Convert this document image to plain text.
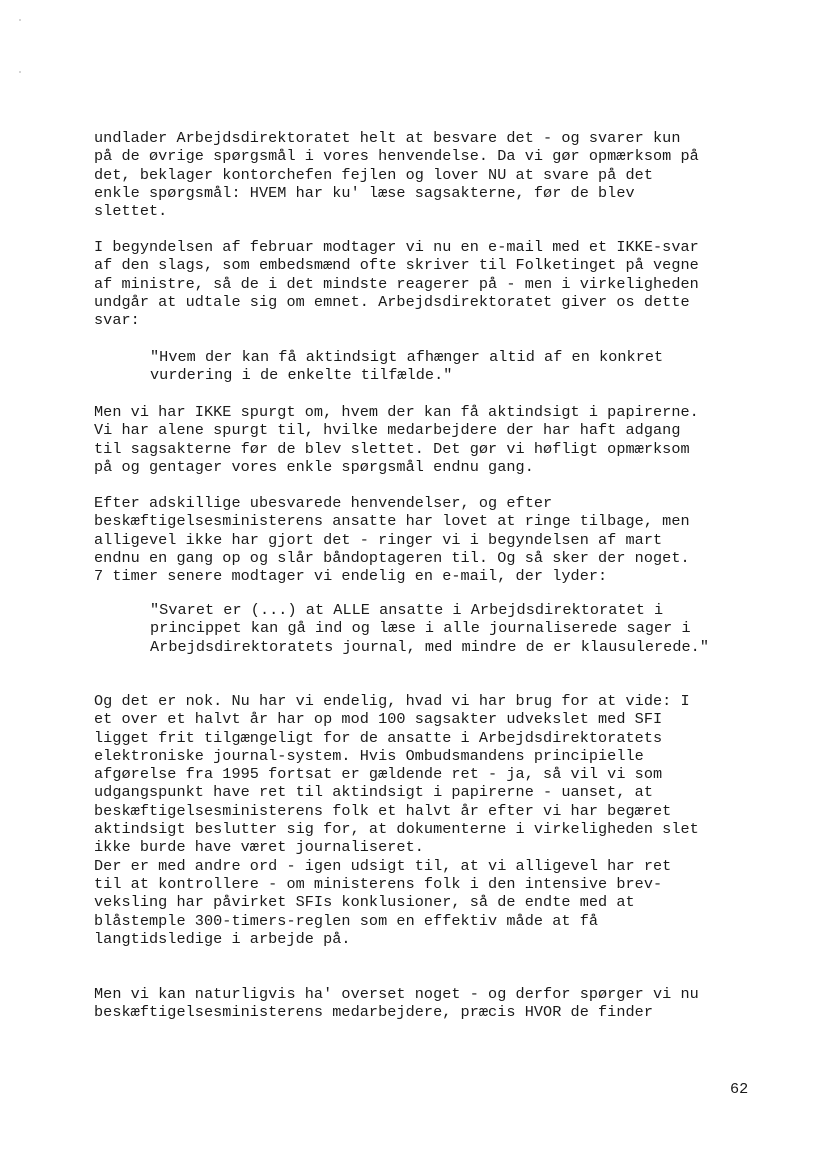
undlader Arbejdsdirektoratet helt at besvare det - og svarer kun
på de øvrige spørgsmål i vores henvendelse. Da vi gør opmærksom på
det, beklager kontorchefen fejlen og lover NU at svare på det
enkle spørgsmål: HVEM har ku' læse sagsakterne, før de blev
slettet.
I begyndelsen af februar modtager vi nu en e-mail med et IKKE-svar
af den slags, som embedsmænd ofte skriver til Folketinget på vegne
af ministre, så de i det mindste reagerer på - men i virkeligheden
undgår at udtale sig om emnet. Arbejdsdirektoratet giver os dette
svar:
"Hvem der kan få aktindsigt afhænger altid af en konkret
vurdering i de enkelte tilfælde."
Men vi har IKKE spurgt om, hvem der kan få aktindsigt i papirerne.
Vi har alene spurgt til, hvilke medarbejdere der har haft adgang
til sagsakterne før de blev slettet. Det gør vi høfligt opmærksom
på og gentager vores enkle spørgsmål endnu gang.
Efter adskillige ubesvarede henvendelser, og efter
beskæftigelsesministerens ansatte har lovet at ringe tilbage, men
alligevel ikke har gjort det - ringer vi i begyndelsen af mart
endnu en gang op og slår båndoptageren til. Og så sker der noget.
7 timer senere modtager vi endelig en e-mail, der lyder:
"Svaret er (...) at ALLE ansatte i Arbejdsdirektoratet i
princippet kan gå ind og læse i alle journaliserede sager i
Arbejdsdirektoratets journal, med mindre de er klausulerede."
Og det er nok. Nu har vi endelig, hvad vi har brug for at vide: I
et over et halvt år har op mod 100 sagsakter udvekslet med SFI
ligget frit tilgængeligt for de ansatte i Arbejdsdirektoratets
elektroniske journal-system. Hvis Ombudsmandens principielle
afgørelse fra 1995 fortsat er gældende ret - ja, så vil vi som
udgangspunkt have ret til aktindsigt i papirerne - uanset, at
beskæftigelsesministerens folk et halvt år efter vi har begæret
aktindsigt beslutter sig for, at dokumenterne i virkeligheden slet
ikke burde have været journaliseret.
Der er med andre ord - igen udsigt til, at vi alligevel har ret
til at kontrollere - om ministerens folk i den intensive brev-
veksling har påvirket SFIs konklusioner, så de endte med at
blåstemple 300-timers-reglen som en effektiv måde at få
langtidsledige i arbejde på.
Men vi kan naturligvis ha' overset noget - og derfor spørger vi nu
beskæftigelsesministerens medarbejdere, præcis HVOR de finder
62
